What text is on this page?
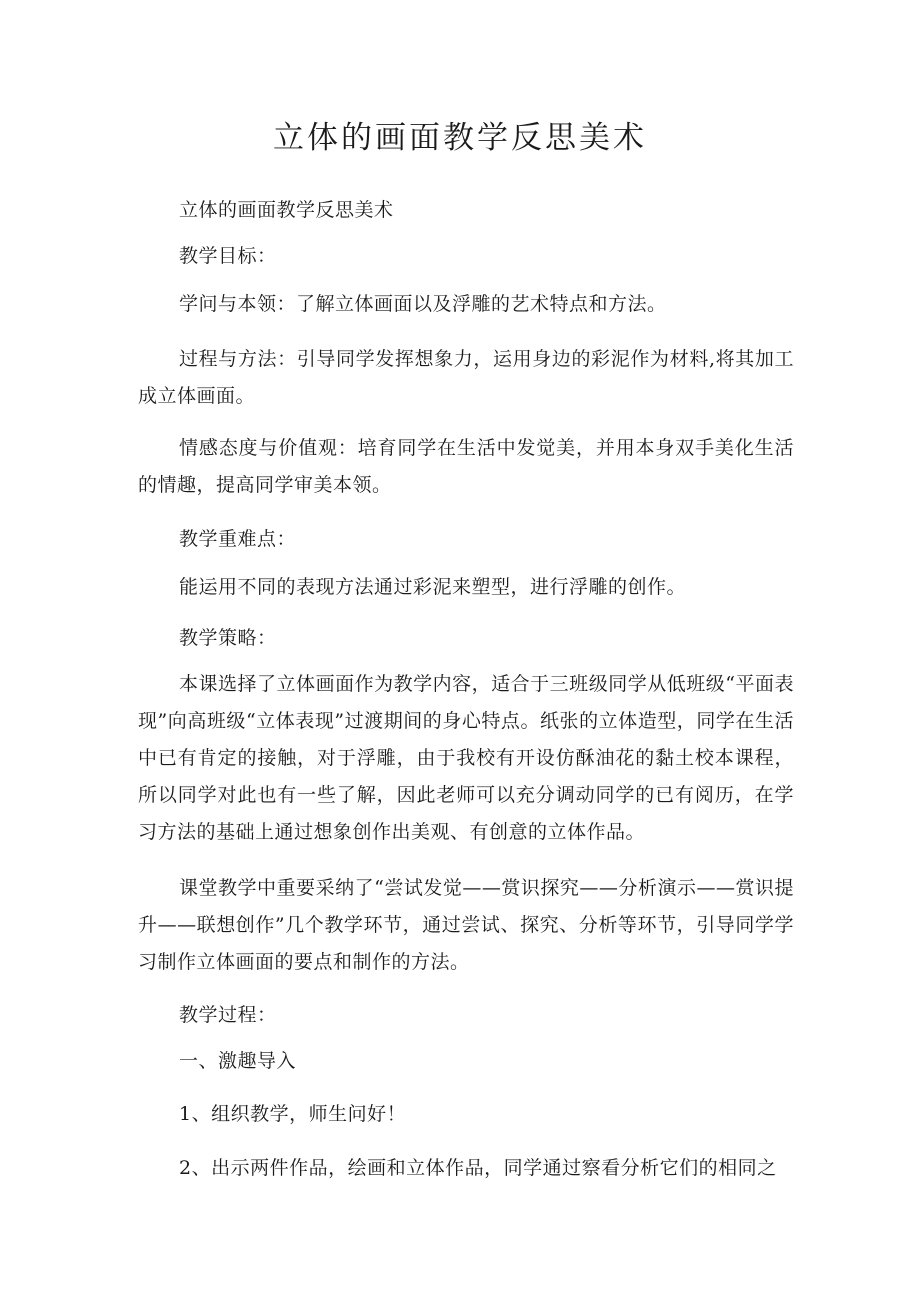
立体的画面教学反思美术

立体的画面教学反思美术

教学目标：

学问与本领：了解立体画面以及浮雕的艺术特点和方法。

过程与方法：引导同学发挥想象力，运用身边的彩泥作为材料,将其加工成立体画面。

情感态度与价值观：培育同学在生活中发觉美，并用本身双手美化生活的情趣，提高同学审美本领。

教学重难点：

能运用不同的表现方法通过彩泥来塑型，进行浮雕的创作。

教学策略：

本课选择了立体画面作为教学内容，适合于三班级同学从低班级“平面表现”向高班级“立体表现”过渡期间的身心特点。纸张的立体造型，同学在生活中已有肯定的接触，对于浮雕，由于我校有开设仿酥油花的黏土校本课程，所以同学对此也有一些了解，因此老师可以充分调动同学的已有阅历，在学习方法的基础上通过想象创作出美观、有创意的立体作品。

课堂教学中重要采纳了“尝试发觉——赏识探究——分析演示——赏识提升——联想创作”几个教学环节，通过尝试、探究、分析等环节，引导同学学习制作立体画面的要点和制作的方法。

教学过程：

一、激趣导入

1、组织教学，师生问好！

2、出示两件作品，绘画和立体作品，同学通过察看分析它们的相同之
